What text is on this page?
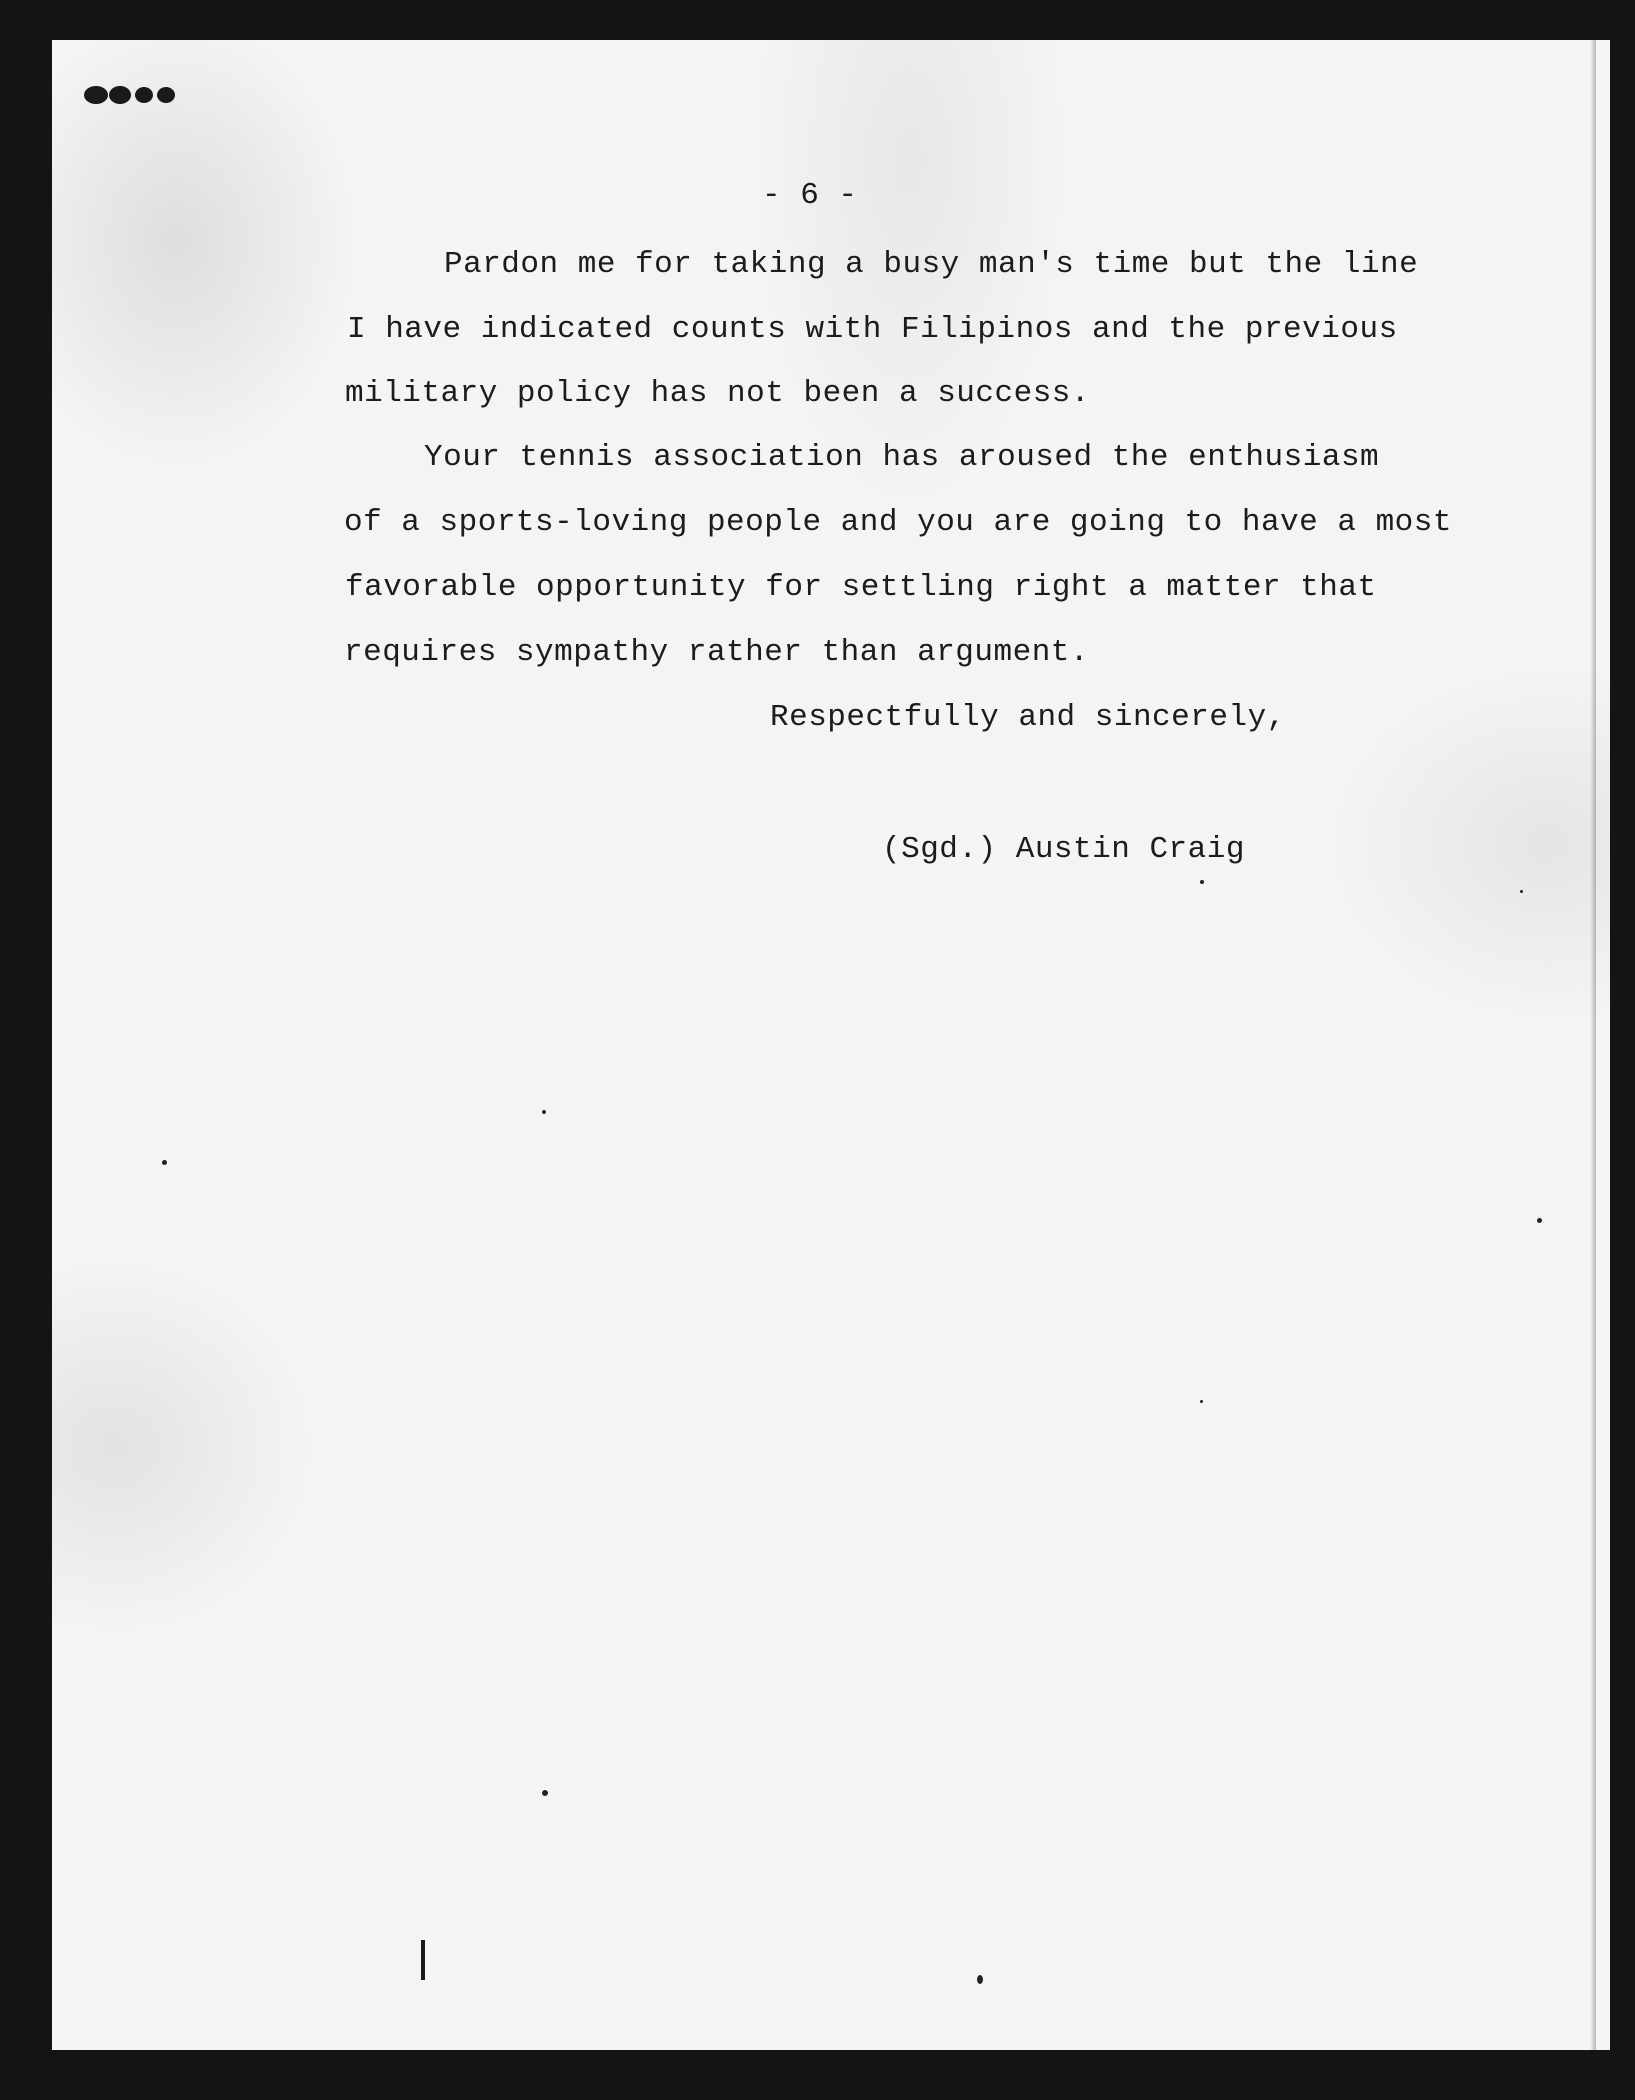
- 6 -
Pardon me for taking a busy man's time but the line
I have indicated counts with Filipinos and the previous
military policy has not been a success.
Your tennis association has aroused the enthusiasm
of a sports-loving people and you are going to have a most
favorable opportunity for settling right a matter that
requires sympathy rather than argument.
Respectfully and sincerely,
(Sgd.) Austin Craig
